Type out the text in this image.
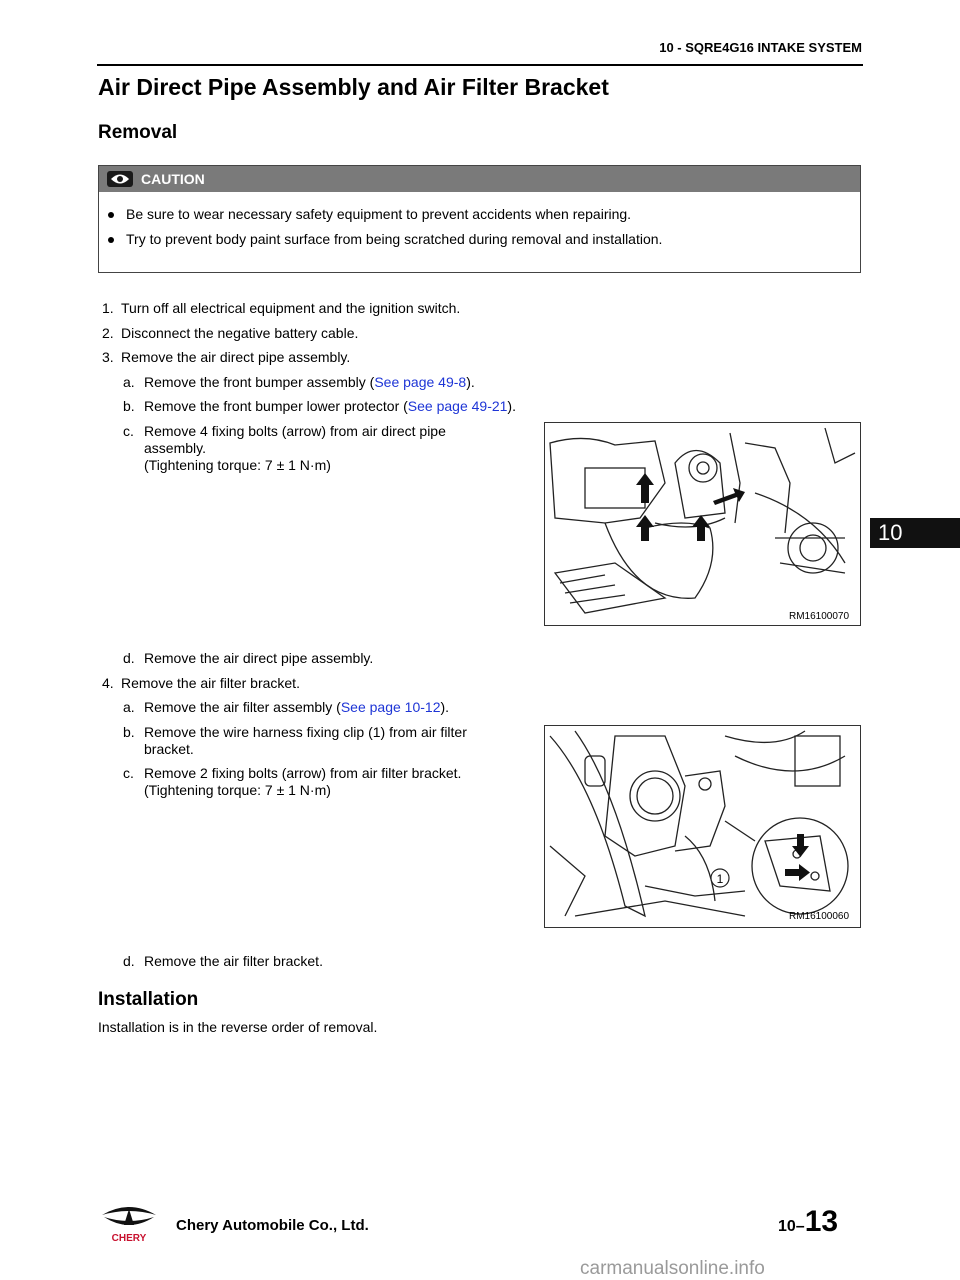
10 - SQRE4G16 INTAKE SYSTEM
Air Direct Pipe Assembly and Air Filter Bracket
Removal
CAUTION
Be sure to wear necessary safety equipment to prevent accidents when repairing.
Try to prevent body paint surface from being scratched during removal and installation.
1. Turn off all electrical equipment and the ignition switch.
2. Disconnect the negative battery cable.
3. Remove the air direct pipe assembly.
a. Remove the front bumper assembly (See page 49-8).
b. Remove the front bumper lower protector (See page 49-21).
c. Remove 4 fixing bolts (arrow) from air direct pipe
assembly.
(Tightening torque: 7 ± 1 N·m)
RM16100070
d. Remove the air direct pipe assembly.
4. Remove the air filter bracket.
a. Remove the air filter assembly (See page 10-12).
b. Remove the wire harness fixing clip (1) from air filter
bracket.
c. Remove 2 fixing bolts (arrow) from air filter bracket.
(Tightening torque: 7 ± 1 N·m)
1
RM16100060
d. Remove the air filter bracket.
Installation
Installation is in the reverse order of removal.
10
CHERY
Chery Automobile Co., Ltd.	10–13
carmanualsonline.info
